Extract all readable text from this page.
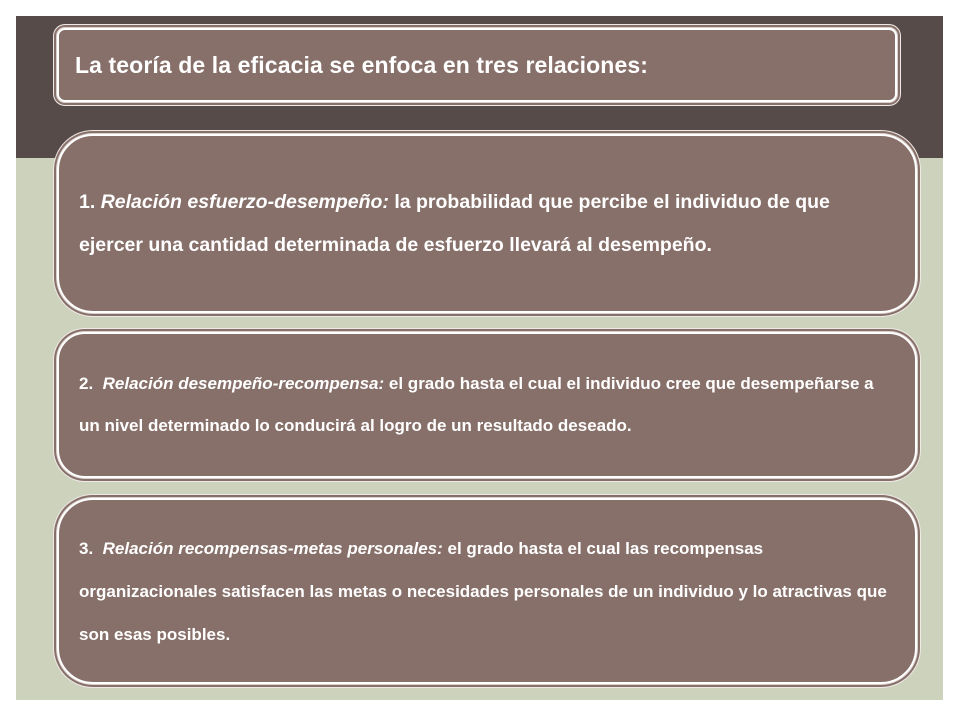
La teoría de la eficacia se enfoca en tres relaciones:
1. Relación esfuerzo-desempeño: la probabilidad que percibe el individuo de que ejercer una cantidad determinada de esfuerzo llevará al desempeño.
2. Relación desempeño-recompensa: el grado hasta el cual el individuo cree que desempeñarse a un nivel determinado lo conducirá al logro de un resultado deseado.
3. Relación recompensas-metas personales: el grado hasta el cual las recompensas organizacionales satisfacen las metas o necesidades personales de un individuo y lo atractivas que son esas posibles.
